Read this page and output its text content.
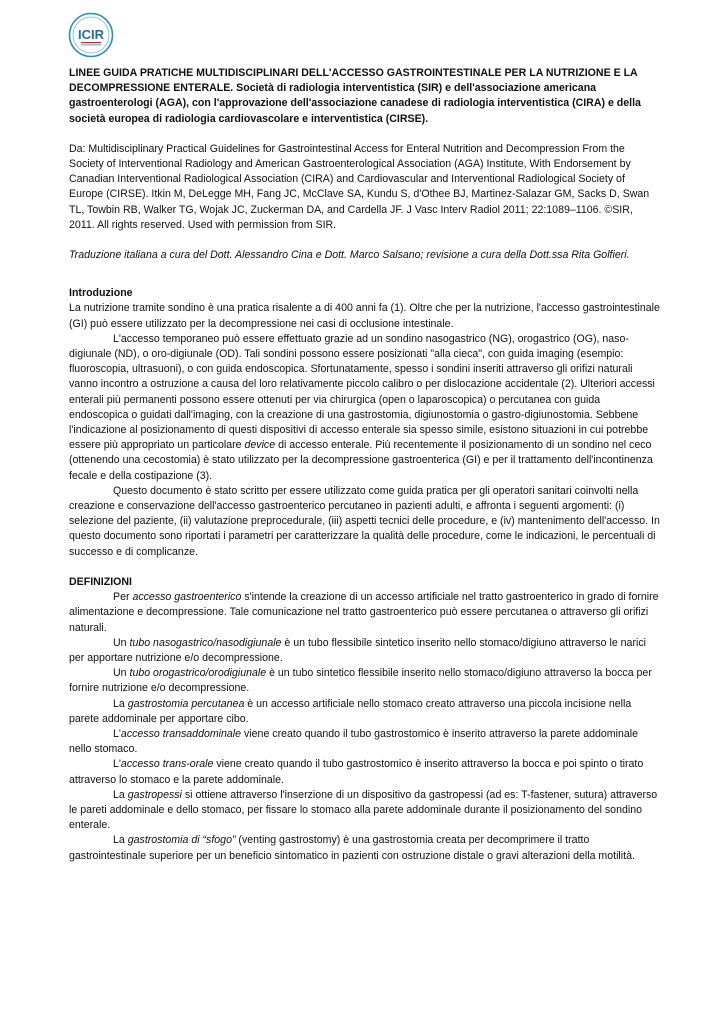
ICIR

LINEE GUIDA PRATICHE MULTIDISCIPLINARI DELL'ACCESSO GASTROINTESTINALE PER LA NUTRIZIONE E LA DECOMPRESSIONE ENTERALE. Società di radiologia interventistica (SIR) e dell'associazione americana gastroenterologi (AGA), con l'approvazione dell'associazione canadese di radiologia interventistica (CIRA) e della società europea di radiologia cardiovascolare e interventistica (CIRSE).

Da: Multidisciplinary Practical Guidelines for Gastrointestinal Access for Enteral Nutrition and Decompression From the Society of Interventional Radiology and American Gastroenterological Association (AGA) Institute, With Endorsement by Canadian Interventional Radiological Association (CIRA) and Cardiovascular and Interventional Radiological Society of Europe (CIRSE). Itkin M, DeLegge MH, Fang JC, McClave SA, Kundu S, d'Othee BJ, Martinez-Salazar GM, Sacks D, Swan TL, Towbin RB, Walker TG, Wojak JC, Zuckerman DA, and Cardella JF. J Vasc Interv Radiol 2011; 22:1089–1106. ©SIR, 2011. All rights reserved. Used with permission from SIR.

Traduzione italiana a cura del Dott. Alessandro Cina e Dott. Marco Salsano; revisione a cura della Dott.ssa Rita Golfieri.

Introduzione

La nutrizione tramite sondino è una pratica risalente a di 400 anni fa (1). Oltre che per la nutrizione, l'accesso gastrointestinale (GI) può essere utilizzato per la decompressione nei casi di occlusione intestinale.

L'accesso temporaneo può essere effettuato grazie ad un sondino nasogastrico (NG), orogastrico (OG), naso-digiunale (ND), o oro-digiunale (OD). Tali sondini possono essere posizionati "alla cieca", con guida imaging (esempio: fluoroscopia, ultrasuoni), o con guida endoscopica. Sfortunatamente, spesso i sondini inseriti attraverso gli orifizi naturali vanno incontro a ostruzione a causa del loro relativamente piccolo calibro o per dislocazione accidentale (2). Ulteriori accessi enterali più permanenti possono essere ottenuti per via chirurgica (open o laparoscopica) o percutanea con guida endoscopica o guidati dall'imaging, con la creazione di una gastrostomia, digiunostomia o gastro-digiunostomia. Sebbene l'indicazione al posizionamento di questi dispositivi di accesso enterale sia spesso simile, esistono situazioni in cui potrebbe essere più appropriato un particolare device di accesso enterale. Più recentemente il posizionamento di un sondino nel ceco (ottenendo una cecostomia) è stato utilizzato per la decompressione gastroenterica (GI) e per il trattamento dell'incontinenza fecale e della costipazione (3).

Questo documento è stato scritto per essere utilizzato come guida pratica per gli operatori sanitari coinvolti nella creazione e conservazione dell'accesso gastroenterico percutaneo in pazienti adulti, e affronta i seguenti argomenti: (i) selezione del paziente, (ii) valutazione preprocedurale, (iii) aspetti tecnici delle procedure, e (iv) mantenimento dell'accesso. In questo documento sono riportati i parametri per caratterizzare la qualità delle procedure, come le indicazioni, le percentuali di successo e di complicanze.

DEFINIZIONI

Per accesso gastroenterico s'intende la creazione di un accesso artificiale nel tratto gastroenterico in grado di fornire alimentazione e decompressione. Tale comunicazione nel tratto gastroenterico può essere percutanea o attraverso gli orifizi naturali.

Un tubo nasogastrico/nasodigiunale è un tubo flessibile sintetico inserito nello stomaco/digiuno attraverso le narici per apportare nutrizione e/o decompressione.

Un tubo orogastrico/orodigiunale è un tubo sintetico flessibile inserito nello stomaco/digiuno attraverso la bocca per fornire nutrizione e/o decompressione.

La gastrostomia percutanea è un accesso artificiale nello stomaco creato attraverso una piccola incisione nella parete addominale per apportare cibo.

L'accesso transaddominale viene creato quando il tubo gastrostomico è inserito attraverso la parete addominale nello stomaco.

L'accesso trans-orale viene creato quando il tubo gastrostomico è inserito attraverso la bocca e poi spinto o tirato attraverso lo stomaco e la parete addominale.

La gastropessi si ottiene attraverso l'inserzione di un dispositivo da gastropessi (ad es: T-fastener, sutura) attraverso le pareti addominale e dello stomaco, per fissare lo stomaco alla parete addominale durante il posizionamento del sondino enterale.

La gastrostomia di “sfogo” (venting gastrostomy) è una gastrostomia creata per decomprimere il tratto gastrointestinale superiore per un beneficio sintomatico in pazienti con ostruzione distale o gravi alterazioni della motilità.
